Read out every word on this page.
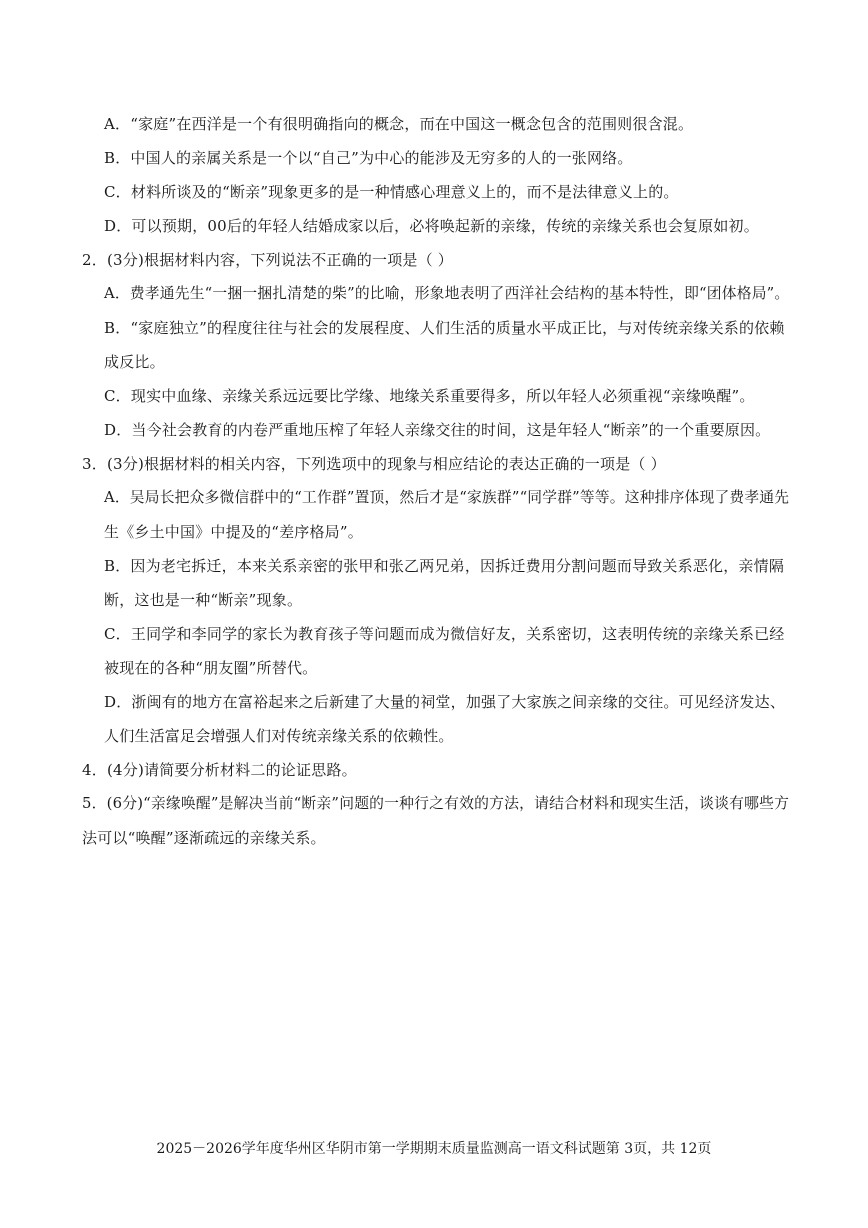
A．“家庭”在西洋是一个有很明确指向的概念，而在中国这一概念包含的范围则很含混。
B．中国人的亲属关系是一个以“自己”为中心的能涉及无穷多的人的一张网络。
C．材料所谈及的“断亲”现象更多的是一种情感心理意义上的，而不是法律意义上的。
D．可以预期，00后的年轻人结婚成家以后，必将唤起新的亲缘，传统的亲缘关系也会复原如初。
2．(3分)根据材料内容，下列说法不正确的一项是（ ）
A．费孝通先生“一捆一捆扎清楚的柴”的比喻，形象地表明了西洋社会结构的基本特性，即“团体格局”。
B．“家庭独立”的程度往往与社会的发展程度、人们生活的质量水平成正比，与对传统亲缘关系的依赖
成反比。
C．现实中血缘、亲缘关系远远要比学缘、地缘关系重要得多，所以年轻人必须重视“亲缘唤醒”。
D．当今社会教育的内卷严重地压榨了年轻人亲缘交往的时间，这是年轻人“断亲”的一个重要原因。
3．(3分)根据材料的相关内容，下列选项中的现象与相应结论的表达正确的一项是（ ）
A．吴局长把众多微信群中的“工作群”置顶，然后才是“家族群”“同学群”等等。这种排序体现了费孝通先
生《乡土中国》中提及的“差序格局”。
B．因为老宅拆迁，本来关系亲密的张甲和张乙两兄弟，因拆迁费用分割问题而导致关系恶化，亲情隔
断，这也是一种“断亲”现象。
C．王同学和李同学的家长为教育孩子等问题而成为微信好友，关系密切，这表明传统的亲缘关系已经
被现在的各种“朋友圈”所替代。
D．浙闽有的地方在富裕起来之后新建了大量的祠堂，加强了大家族之间亲缘的交往。可见经济发达、
人们生活富足会增强人们对传统亲缘关系的依赖性。
4．(4分)请简要分析材料二的论证思路。
5．(6分)“亲缘唤醒”是解决当前“断亲”问题的一种行之有效的方法，请结合材料和现实生活，谈谈有哪些方
法可以“唤醒”逐渐疏远的亲缘关系。
2025－2026学年度华州区华阴市第一学期期末质量监测高一语文科试题第 3页，共 12页
